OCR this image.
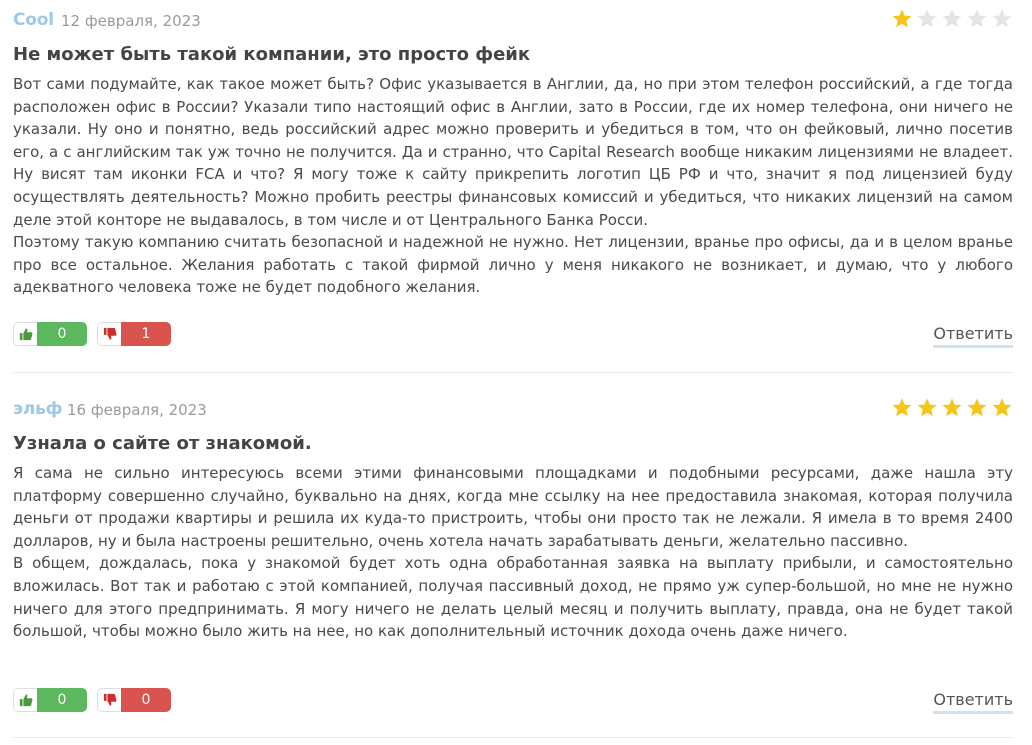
Cool 12 февраля, 2023
Не может быть такой компании, это просто фейк

Вот сами подумайте, как такое может быть? Офис указывается в Англии, да, но при этом телефон российский, а где тогда расположен офис в России? Указали типо настоящий офис в Англии, зато в России, где их номер телефона, они ничего не указали. Ну оно и понятно, ведь российский адрес можно проверить и убедиться в том, что он фейковый, лично посетив его, а с английским так уж точно не получится. Да и странно, что Capital Research вообще никаким лицензиями не владеет. Ну висят там иконки FCA и что? Я могу тоже к сайту прикрепить логотип ЦБ РФ и что, значит я под лицензией буду осуществлять деятельность? Можно пробить реестры финансовых комиссий и убедиться, что никаких лицензий на самом деле этой конторе не выдавалось, в том числе и от Центрального Банка Росси.

Поэтому такую компанию считать безопасной и надежной не нужно. Нет лицензии, вранье про офисы, да и в целом вранье про все остальное. Желания работать с такой фирмой лично у меня никакого не возникает, и думаю, что у любого адекватного человека тоже не будет подобного желания.

0	1	Ответить
эльф 16 февраля, 2023
Узнала о сайте от знакомой.

Я сама не сильно интересуюсь всеми этими финансовыми площадками и подобными ресурсами, даже нашла эту платформу совершенно случайно, буквально на днях, когда мне ссылку на нее предоставила знакомая, которая получила деньги от продажи квартиры и решила их куда-то пристроить, чтобы они просто так не лежали. Я имела в то время 2400 долларов, ну и была настроены решительно, очень хотела начать зарабатывать деньги, желательно пассивно.

В общем, дождалась, пока у знакомой будет хоть одна обработанная заявка на выплату прибыли, и самостоятельно вложилась. Вот так и работаю с этой компанией, получая пассивный доход, не прямо уж супер-большой, но мне не нужно ничего для этого предпринимать. Я могу ничего не делать целый месяц и получить выплату, правда, она не будет такой большой, чтобы можно было жить на нее, но как дополнительный источник дохода очень даже ничего.

0	0	Ответить
